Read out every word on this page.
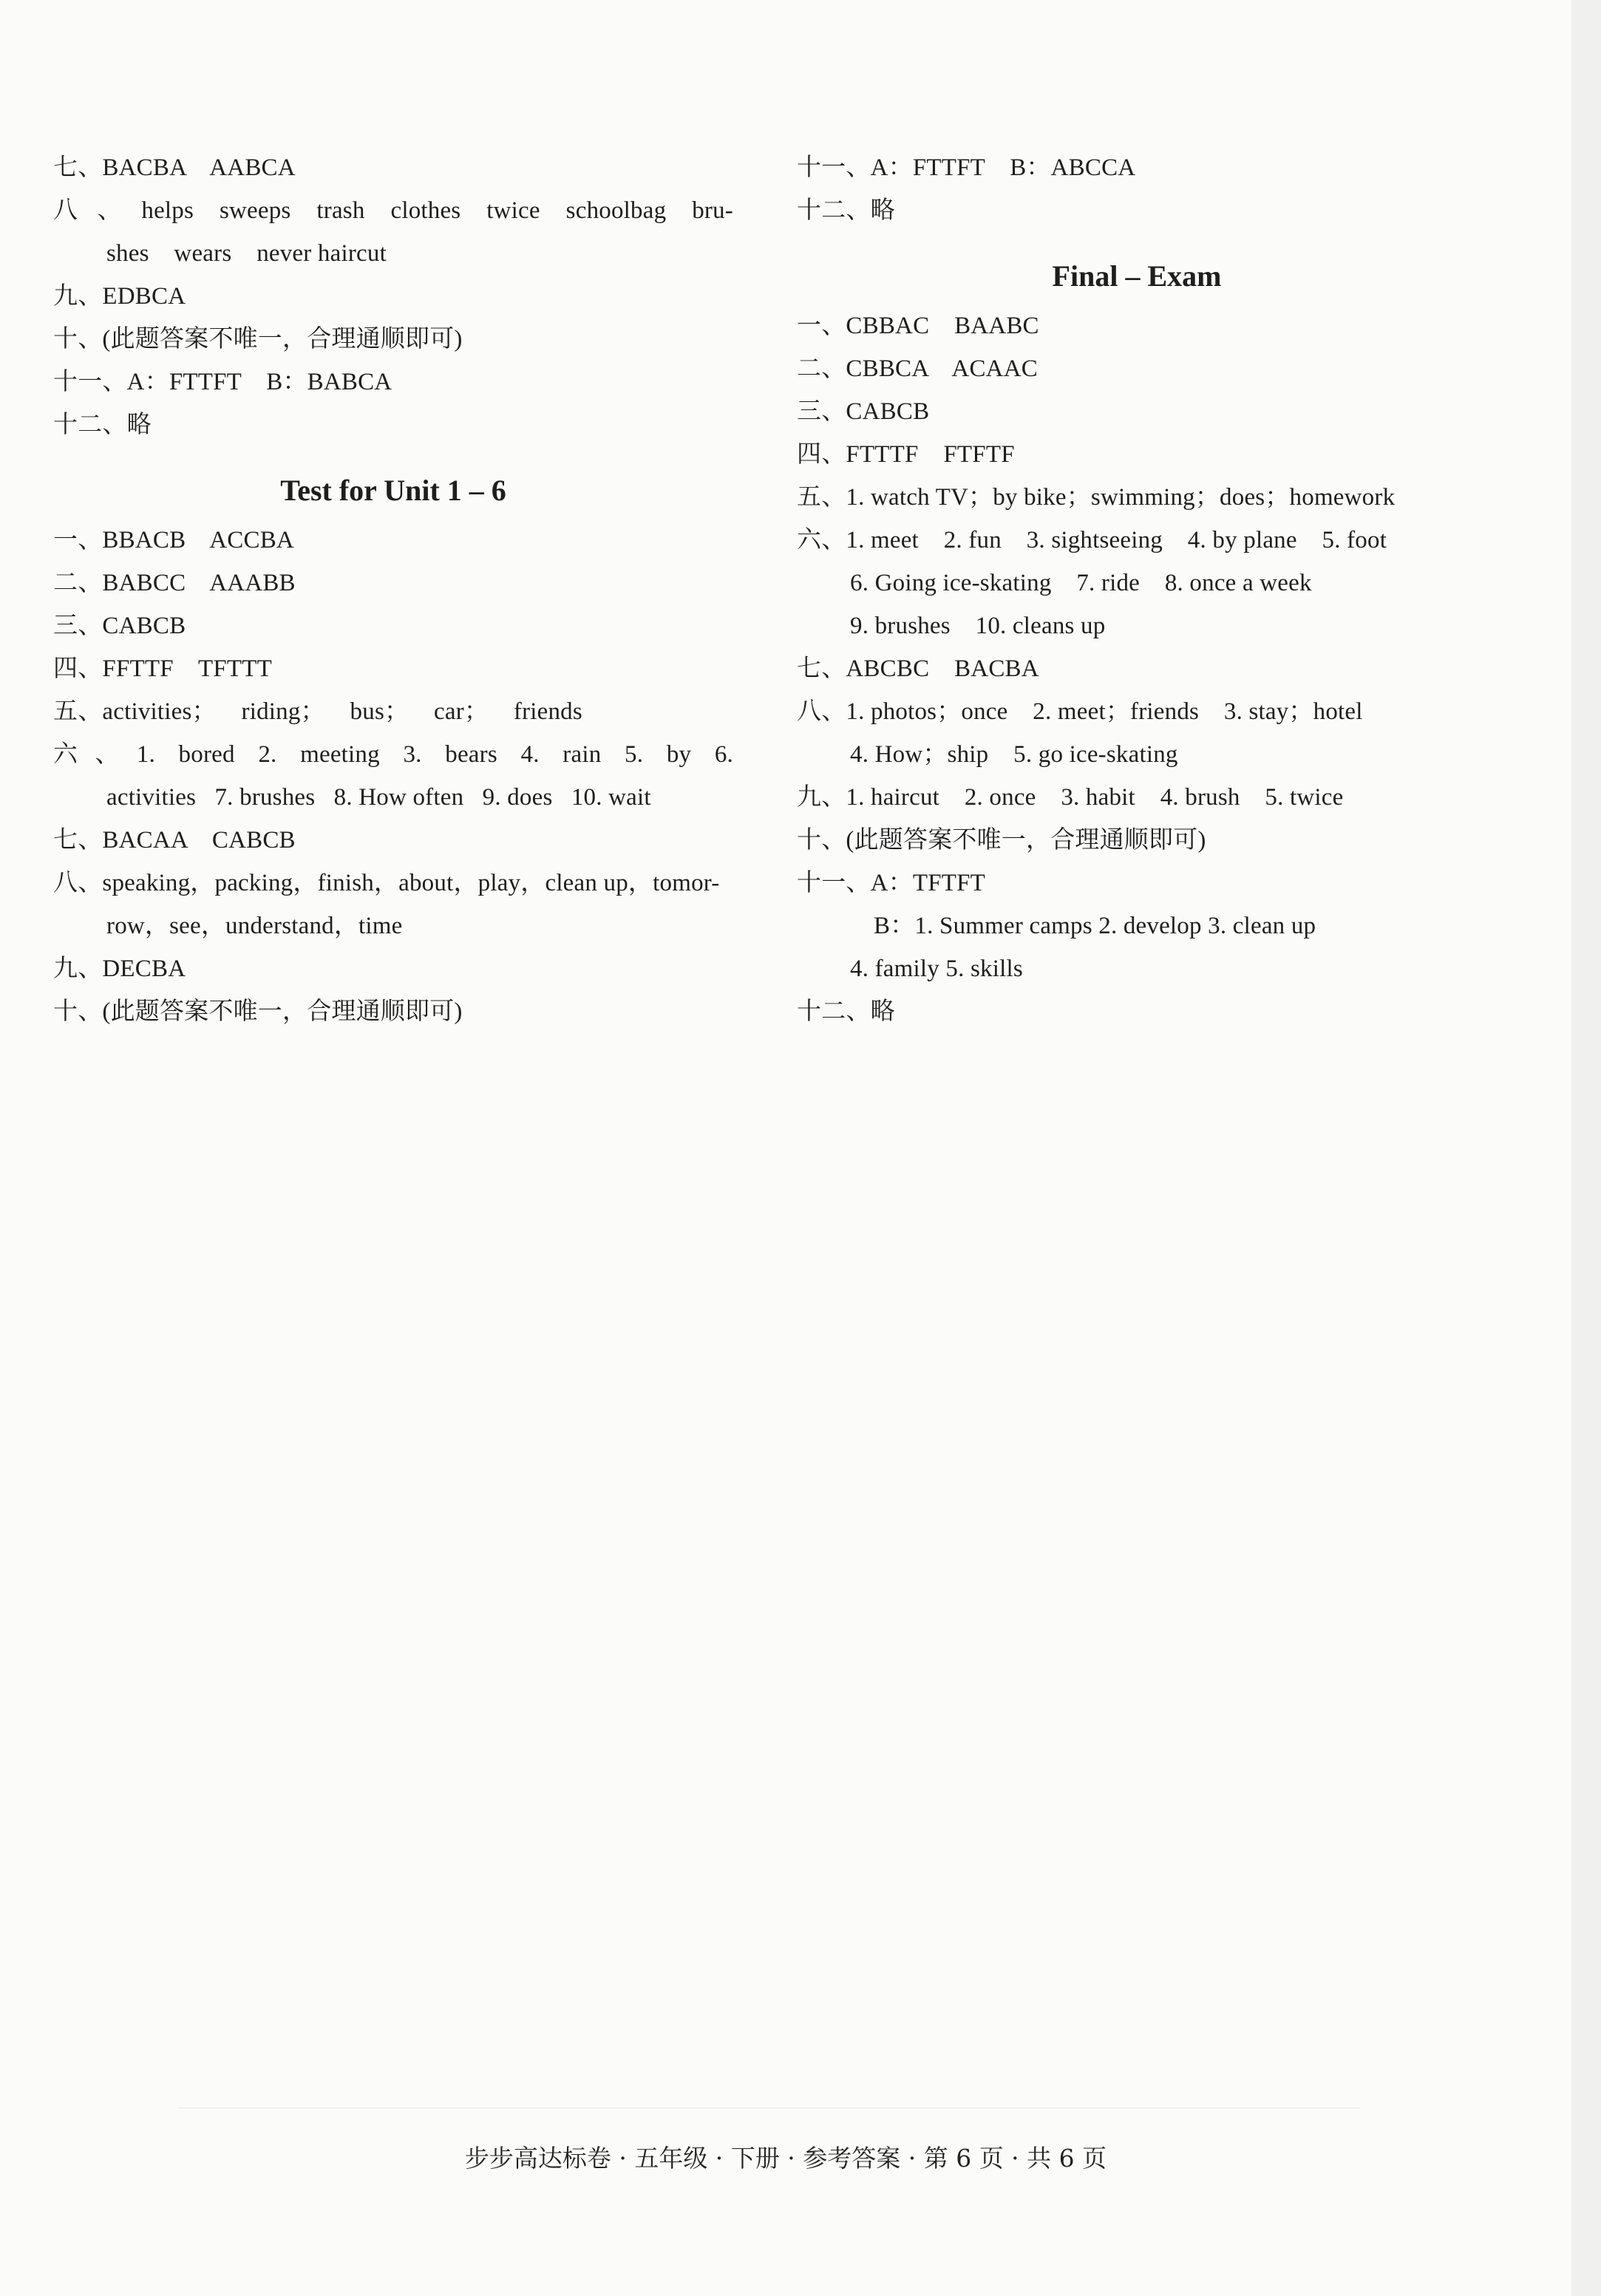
七、BACBA    AABCA
八、helps sweeps trash clothes twice schoolbag bru-
shes    wears    never haircut
九、EDBCA
十、(此题答案不唯一，合理通顺即可)
十一、A：FTTFT    B：BABCA
十二、略
Test for Unit 1 – 6
一、BBACB    ACCBA
二、BABCC    AAABB
三、CABCB
四、FFTTF    TFTTT
五、activities；    riding；    bus；    car；    friends
六、1. bored 2. meeting 3. bears 4. rain 5. by 6.
activities   7. brushes   8. How often   9. does   10. wait
七、BACAA    CABCB
八、speaking，packing，finish，about，play，clean up，tomor-
row，see，understand，time
九、DECBA
十、(此题答案不唯一，合理通顺即可)
十一、A：FTTFT    B：ABCCA
十二、略
Final – Exam
一、CBBAC    BAABC
二、CBBCA    ACAAC
三、CABCB
四、FTTTF    FTFTF
五、1. watch TV；by bike；swimming；does；homework
六、1. meet    2. fun    3. sightseeing    4. by plane    5. foot
6. Going ice-skating    7. ride    8. once a week
9. brushes    10. cleans up
七、ABCBC    BACBA
八、1. photos；once    2. meet；friends    3. stay；hotel
4. How；ship    5. go ice-skating
九、1. haircut    2. once    3. habit    4. brush    5. twice
十、(此题答案不唯一，合理通顺即可)
十一、A：TFTFT
B：1. Summer camps 2. develop 3. clean up
4. family 5. skills
十二、略
步步高达标卷 · 五年级 · 下册 · 参考答案 · 第 6 页 · 共 6 页
